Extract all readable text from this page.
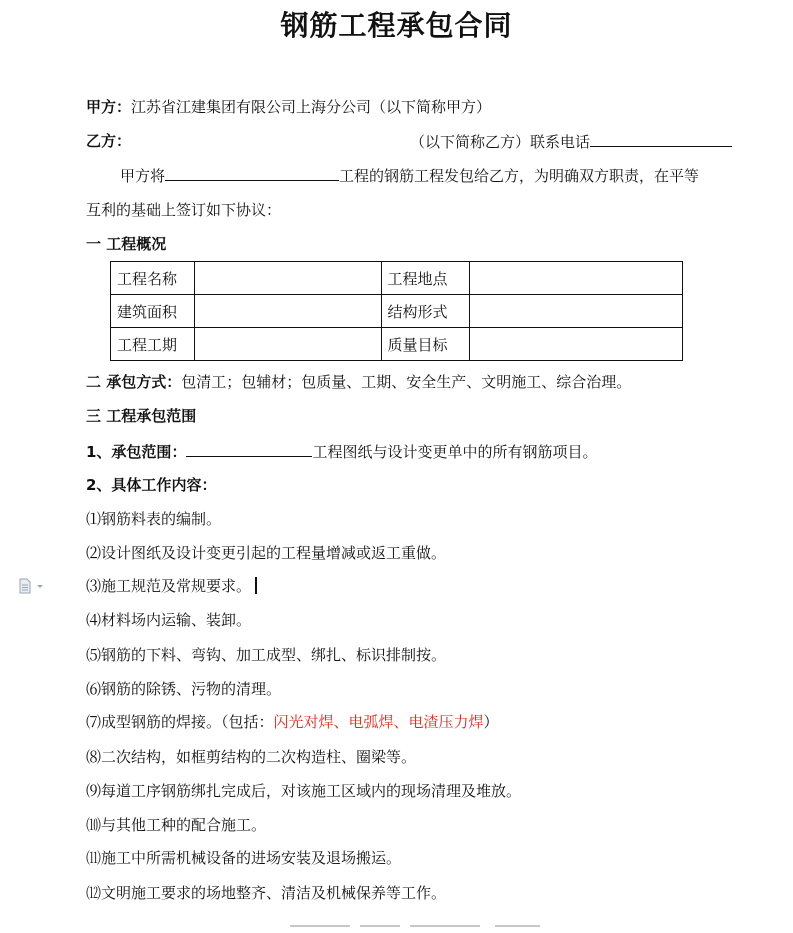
钢筋工程承包合同
甲方：江苏省江建集团有限公司上海分公司（以下简称甲方）
乙方：	（以下简称乙方）联系电话
甲方将	工程的钢筋工程发包给乙方，为明确双方职责，在平等
互利的基础上签订如下协议：
一 工程概况
工程名称		工程地点	
建筑面积		结构形式	
工程工期		质量目标	
二 承包方式：包清工；包辅材；包质量、工期、安全生产、文明施工、综合治理。
三 工程承包范围
1、承包范围：	工程图纸与设计变更单中的所有钢筋项目。
2、具体工作内容：
⑴钢筋料表的编制。
⑵设计图纸及设计变更引起的工程量增减或返工重做。
⑶施工规范及常规要求。
⑷材料场内运输、装卸。
⑸钢筋的下料、弯钩、加工成型、绑扎、标识排制按。
⑹钢筋的除锈、污物的清理。
⑺成型钢筋的焊接。（包括：闪光对焊、电弧焊、电渣压力焊）
⑻二次结构，如框剪结构的二次构造柱、圈梁等。
⑼每道工序钢筋绑扎完成后，对该施工区域内的现场清理及堆放。
⑽与其他工种的配合施工。
⑾施工中所需机械设备的进场安装及退场搬运。
⑿文明施工要求的场地整齐、清洁及机械保养等工作。
